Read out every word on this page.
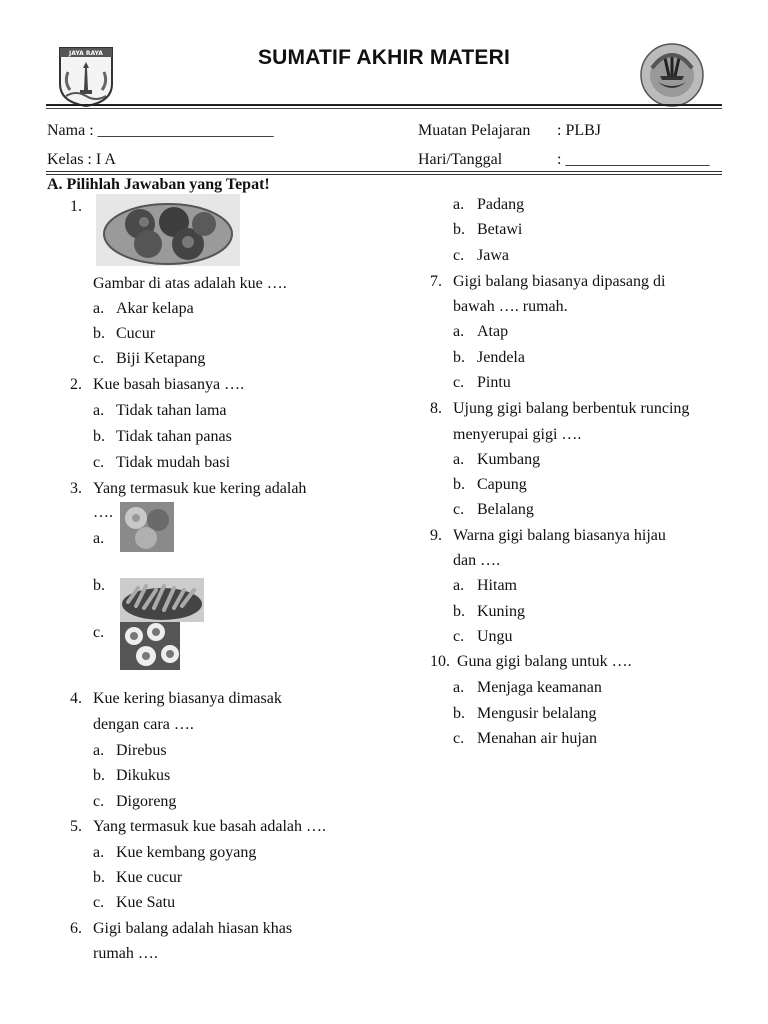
JAYA RAYA	SUMATIF AKHIR MATERI
Nama : ______________________
Kelas : I A
Muatan Pelajaran : PLBJ
Hari/Tanggal	: __________________
A. Pilihlah Jawaban yang Tepat!
1.
Gambar di atas adalah kue ….
a. Akar kelapa
b. Cucur
c. Biji Ketapang
2. Kue basah biasanya ….
a. Tidak tahan lama
b. Tidak tahan panas
c. Tidak mudah basi
3. Yang termasuk kue kering adalah
….
a.
b.
c.
4. Kue kering biasanya dimasak
dengan cara ….
a. Direbus
b. Dikukus
c. Digoreng
5. Yang termasuk kue basah adalah ….
a. Kue kembang goyang
b. Kue cucur
c. Kue Satu
6. Gigi balang adalah hiasan khas
rumah ….
a. Padang
b. Betawi
c. Jawa
7. Gigi balang biasanya dipasang di
bawah …. rumah.
a. Atap
b. Jendela
c. Pintu
8. Ujung gigi balang berbentuk runcing
menyerupai gigi ….
a. Kumbang
b. Capung
c. Belalang
9. Warna gigi balang biasanya hijau
dan ….
a. Hitam
b. Kuning
c. Ungu
10. Guna gigi balang untuk ….
a. Menjaga keamanan
b. Mengusir belalang
c. Menahan air hujan
